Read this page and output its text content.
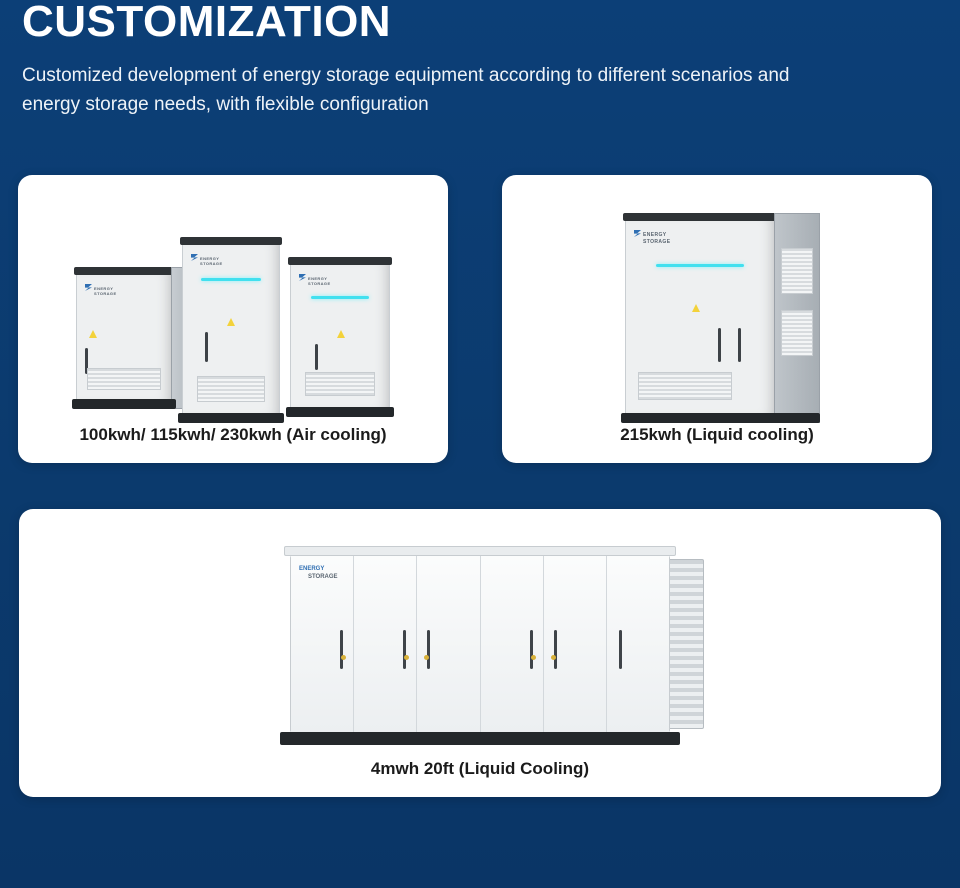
CUSTOMIZATION

Customized development of energy storage equipment according to different scenarios and energy storage needs, with flexible configuration

ENERGY
STORAGE
ENERGY
STORAGE
ENERGY
STORAGE
100kwh/ 115kwh/ 230kwh (Air cooling)
ENERGY
STORAGE
215kwh (Liquid cooling)
ENERGY
STORAGE
4mwh 20ft (Liquid Cooling)
